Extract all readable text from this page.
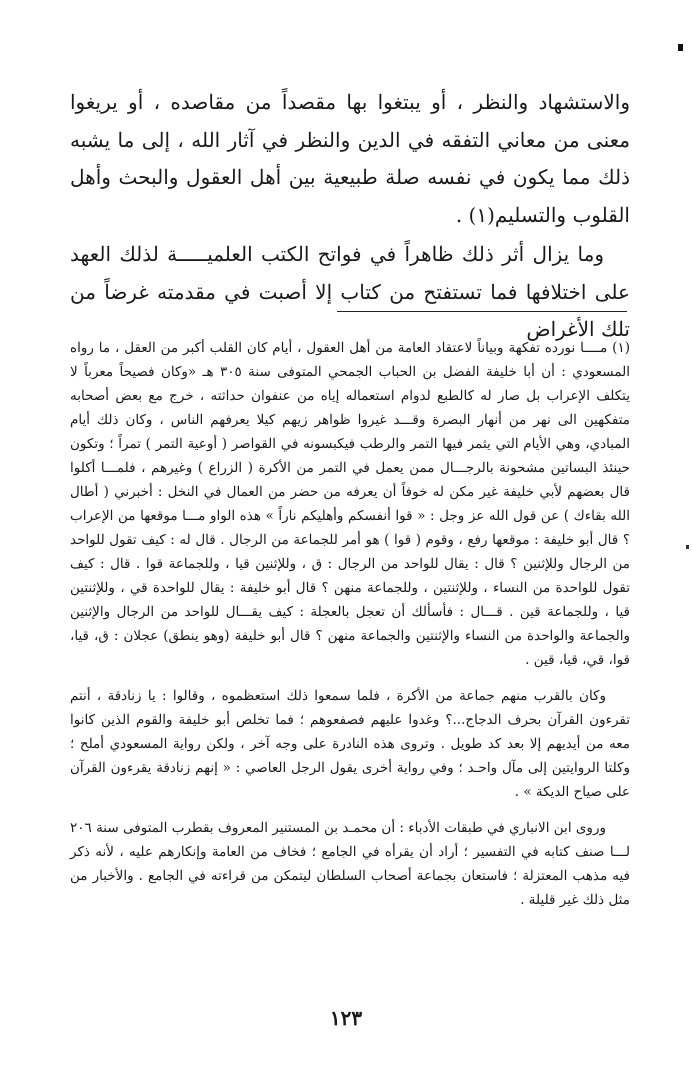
والاستشهاد والنظر ، أو يبتغوا بها مقصداً من مقاصده ، أو يريغوا معنى من معاني التفقه في الدين والنظر في آثار الله ، إلى ما يشبه ذلك مما يكون في نفسه صلة طبيعية بين أهل العقول والبحث وأهل القلوب والتسليم(١) .

وما يزال أثر ذلك ظاهراً في فواتح الكتب العلميـــــة لذلك العهد على اختلافها فما تستفتح من كتاب إلا أصبت في مقدمته غرضاً من تلك الأغراض

(١) مــــا نورده تفكهة وبياناً لاعتقاد العامة من أهل العقول ، أيام كان القلب أكبر من العقل ، ما رواه المسعودي : أن أبا خليفة الفضل بن الحباب الجمحي المتوفى سنة ٣٠٥ هـ «وكان فصيحاً معرباً لا يتكلف الإعراب بل صار له كالطبع لدوام استعماله إياه من عنفوان حداثته ، خرج مع بعض أصحابه متفكهين الى نهر من أنهار البصرة وقـــد غيروا ظواهر زيهم كيلا يعرفهم الناس ، وكان ذلك أيام المبادي، وهي الأيام التي يثمر فيها التمر والرطب فيكبسونه في القواصر ( أوعية التمر ) تمراً ؛ وتكون حينئذ البساتين مشحونة بالرجـــال ممن يعمل في التمر من الأكرة ( الزراع ) وغيرهم ، فلمـــا أكلوا قال بعضهم لأبي خليفة غير مكن له خوفاً أن يعرفه من حضر من العمال في النخل : أخبرني ( أطال الله بقاءك ) عن قول الله عز وجل : « قوا أنفسكم وأهليكم ناراً » هذه الواو مـــا موقعها من الإعراب ؟ قال أبو خليفة : موقعها رفع ، وقوم ( قوا ) هو أمر للجماعة من الرجال . قال له : كيف تقول للواحد من الرجال وللإثنين ؟ قال : يقال للواحد من الرجال : ق ، وللإثنين قيا ، وللجماعة قوا . قال : كيف تقول للواحدة من النساء ، وللإثنتين ، وللجماعة منهن ؟ قال أبو خليفة : يقال للواحدة قي ، وللإثنتين قيا ، وللجماعة قين . قـــال : فأسألك أن تعجل بالعجلة : كيف يقـــال للواحد من الرجال والإثنين والجماعة والواحدة من النساء والإثنتين والجماعة منهن ؟ قال أبو خليفة (وهو ينطق) عجلان : ق، قيا، قوا، قي، قيا، قين .

وكان بالقرب منهم جماعة من الأكرة ، فلما سمعوا ذلك استعظموه ، وقالوا : يا زنادقة ، أنتم تقرءون القرآن بحرف الدجاج...؟ وغدوا عليهم فصفعوهم ؛ فما تخلص أبو خليفة والقوم الذين كانوا معه من أيديهم إلا بعد كد طويل . وتروى هذه النادرة على وجه آخر ، ولكن رواية المسعودي أملح ؛ وكلتا الروايتين إلى مآل واحـد ؛ وفي رواية أخرى يقول الرجل العاصي : « إنهم زنادقة يقرءون القرآن على صياح الديكة » .

وروى ابن الانباري في طبقات الأدباء : أن محمـد بن المستنير المعروف بقطرب المتوفى سنة ٢٠٦ لـــا صنف كتابه في التفسير ؛ أراد أن يقرأه في الجامع ؛ فخاف من العامة وإنكارهم عليه ، لأنه ذكر فيه مذهب المعتزلة ؛ فاستعان بجماعة أصحاب السلطان ليتمكن من قراءته في الجامع . والأخبار من مثل ذلك غير قليلة .

١٢٣
